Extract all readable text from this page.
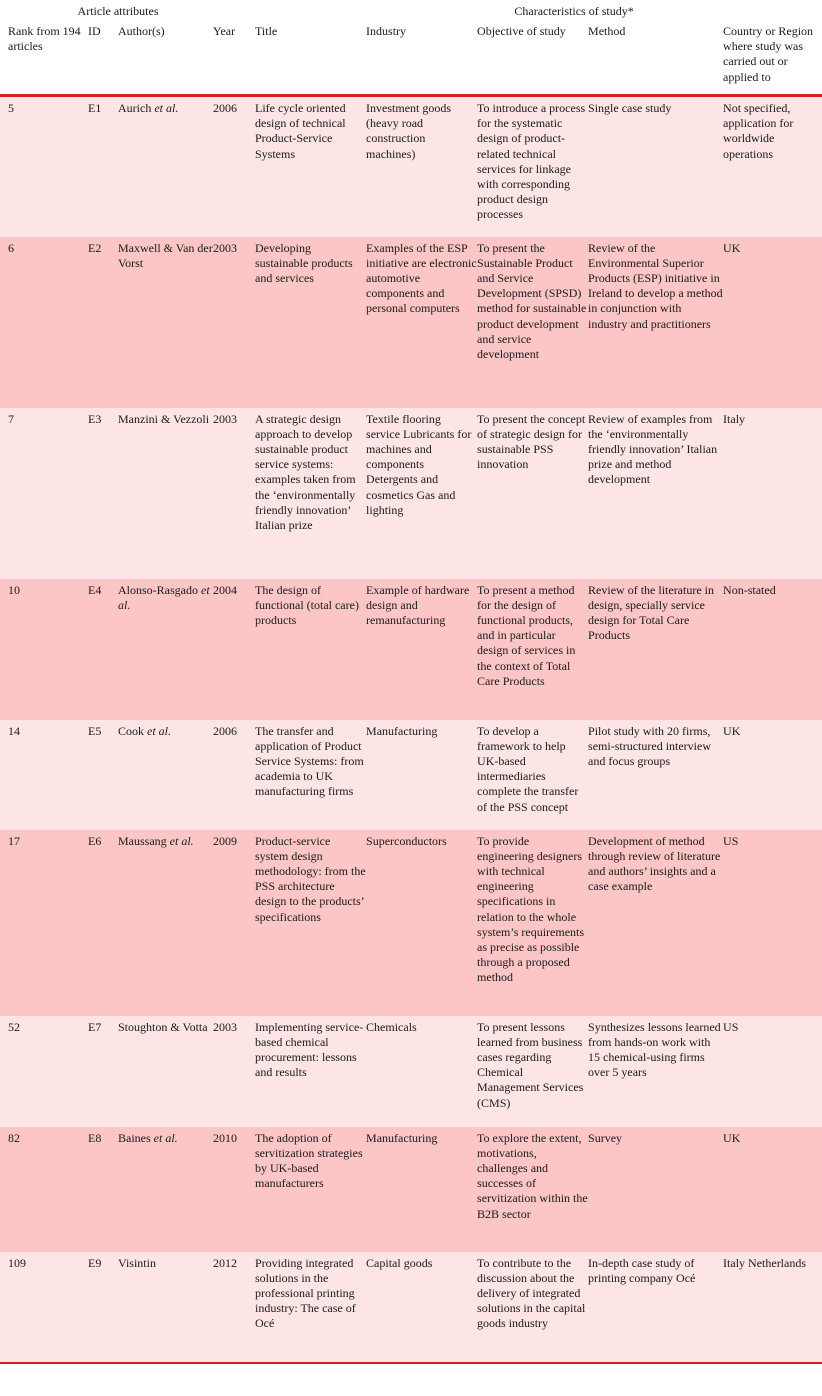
Article attributes					Characteristics of study*			
Rank from 194 articles	ID	Author(s)	Year	Title	Industry	Objective of study	Method	Country or Region where study was carried out or applied to
5	E1	Aurich et al.	2006	Life cycle oriented design of technical Product-Service Systems	Investment goods (heavy road construction machines)	To introduce a process for the systematic design of product-related technical services for linkage with corresponding product design processes	Single case study	Not specified, application for worldwide operations
6	E2	Maxwell & Van der Vorst	2003	Developing sustainable products and services	Examples of the ESP initiative are electronic automotive components and personal computers	To present the Sustainable Product and Service Development (SPSD) method for sustainable product development and service development	Review of the Environmental Superior Products (ESP) initiative in Ireland to develop a method in conjunction with industry and practitioners	UK
7	E3	Manzini & Vezzoli	2003	A strategic design approach to develop sustainable product service systems: examples taken from the ‘environmentally friendly innovation’ Italian prize	Textile flooring service Lubricants for machines and components Detergents and cosmetics Gas and lighting	To present the concept of strategic design for sustainable PSS innovation	Review of examples from the ‘environmentally friendly innovation’ Italian prize and method development	Italy
10	E4	Alonso-Rasgado et al.	2004	The design of functional (total care) products	Example of hardware design and remanufacturing	To present a method for the design of functional products, and in particular design of services in the context of Total Care Products	Review of the literature in design, specially service design for Total Care Products	Non-stated
14	E5	Cook et al.	2006	The transfer and application of Product Service Systems: from academia to UK manufacturing firms	Manufacturing	To develop a framework to help UK-based intermediaries complete the transfer of the PSS concept	Pilot study with 20 firms, semi-structured interview and focus groups	UK
17	E6	Maussang et al.	2009	Product-service system design methodology: from the PSS architecture design to the products’ specifications	Superconductors	To provide engineering designers with technical engineering specifications in relation to the whole system’s requirements as precise as possible through a proposed method	Development of method through review of literature and authors’ insights and a case example	US
52	E7	Stoughton & Votta	2003	Implementing service-based chemical procurement: lessons and results	Chemicals	To present lessons learned from business cases regarding Chemical Management Services (CMS)	Synthesizes lessons learned from hands-on work with 15 chemical-using firms over 5 years	US
82	E8	Baines et al.	2010	The adoption of servitization strategies by UK-based manufacturers	Manufacturing	To explore the extent, motivations, challenges and successes of servitization within the B2B sector	Survey	UK
109	E9	Visintin	2012	Providing integrated solutions in the professional printing industry: The case of Océ	Capital goods	To contribute to the discussion about the delivery of integrated solutions in the capital goods industry	In-depth case study of printing company Océ	Italy Netherlands
